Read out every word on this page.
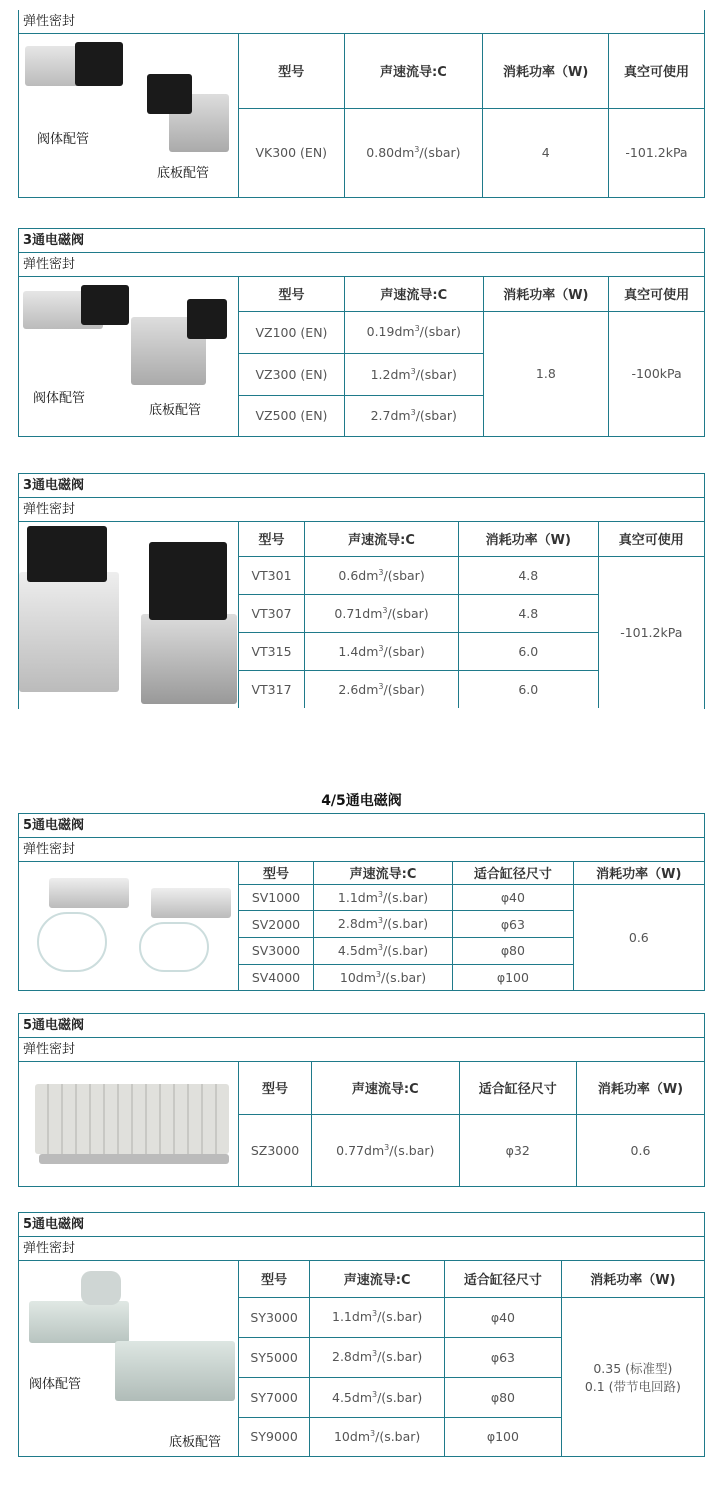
弹性密封
阀体配管
底板配管
型号	声速流导:C	消耗功率（W)	真空可使用
VK300 (EN)	$0.80dm^3/(sbar)$	4	-101.2kPa
3通电磁阀
弹性密封
阀体配管
底板配管
型号	声速流导:C	消耗功率（W)	真空可使用
VZ100 (EN)	$0.19dm^3/(sbar)$	1.8	-100kPa
VZ300 (EN)	$1.2dm^3/(sbar)$		
VZ500 (EN)	$2.7dm^3/(sbar)$		
3通电磁阀
弹性密封
型号	声速流导:C	消耗功率（W)	真空可使用
VT301	$0.6dm^3/(sbar)$	4.8	-101.2kPa
VT307	$0.71dm^3/(sbar)$	4.8	
VT315	$1.4dm^3/(sbar)$	6.0	
VT317	$2.6dm^3/(sbar)$	6.0	
4/5通电磁阀
5通电磁阀
弹性密封
型号	声速流导:C	适合缸径尺寸	消耗功率（W)
SV1000	$1.1dm^3/(s.bar)$	φ40	0.6
SV2000	$2.8dm^3/(s.bar)$	φ63	
SV3000	$4.5dm^3/(s.bar)$	φ80	
SV4000	$10dm^3/(s.bar)$	φ100	
5通电磁阀
弹性密封
型号	声速流导:C	适合缸径尺寸	消耗功率（W)
SZ3000	$0.77dm^3/(s.bar)$	φ32	0.6
5通电磁阀
弹性密封
阀体配管
底板配管
型号	声速流导:C	适合缸径尺寸	消耗功率（W)
SY3000	$1.1dm^3/(s.bar)$	φ40	0.35 (标准型)
0.1 (带节电回路)

SY5000	$2.8dm^3/(s.bar)$	φ63	
SY7000	$4.5dm^3/(s.bar)$	φ80	
SY9000	$10dm^3/(s.bar)$	φ100	
